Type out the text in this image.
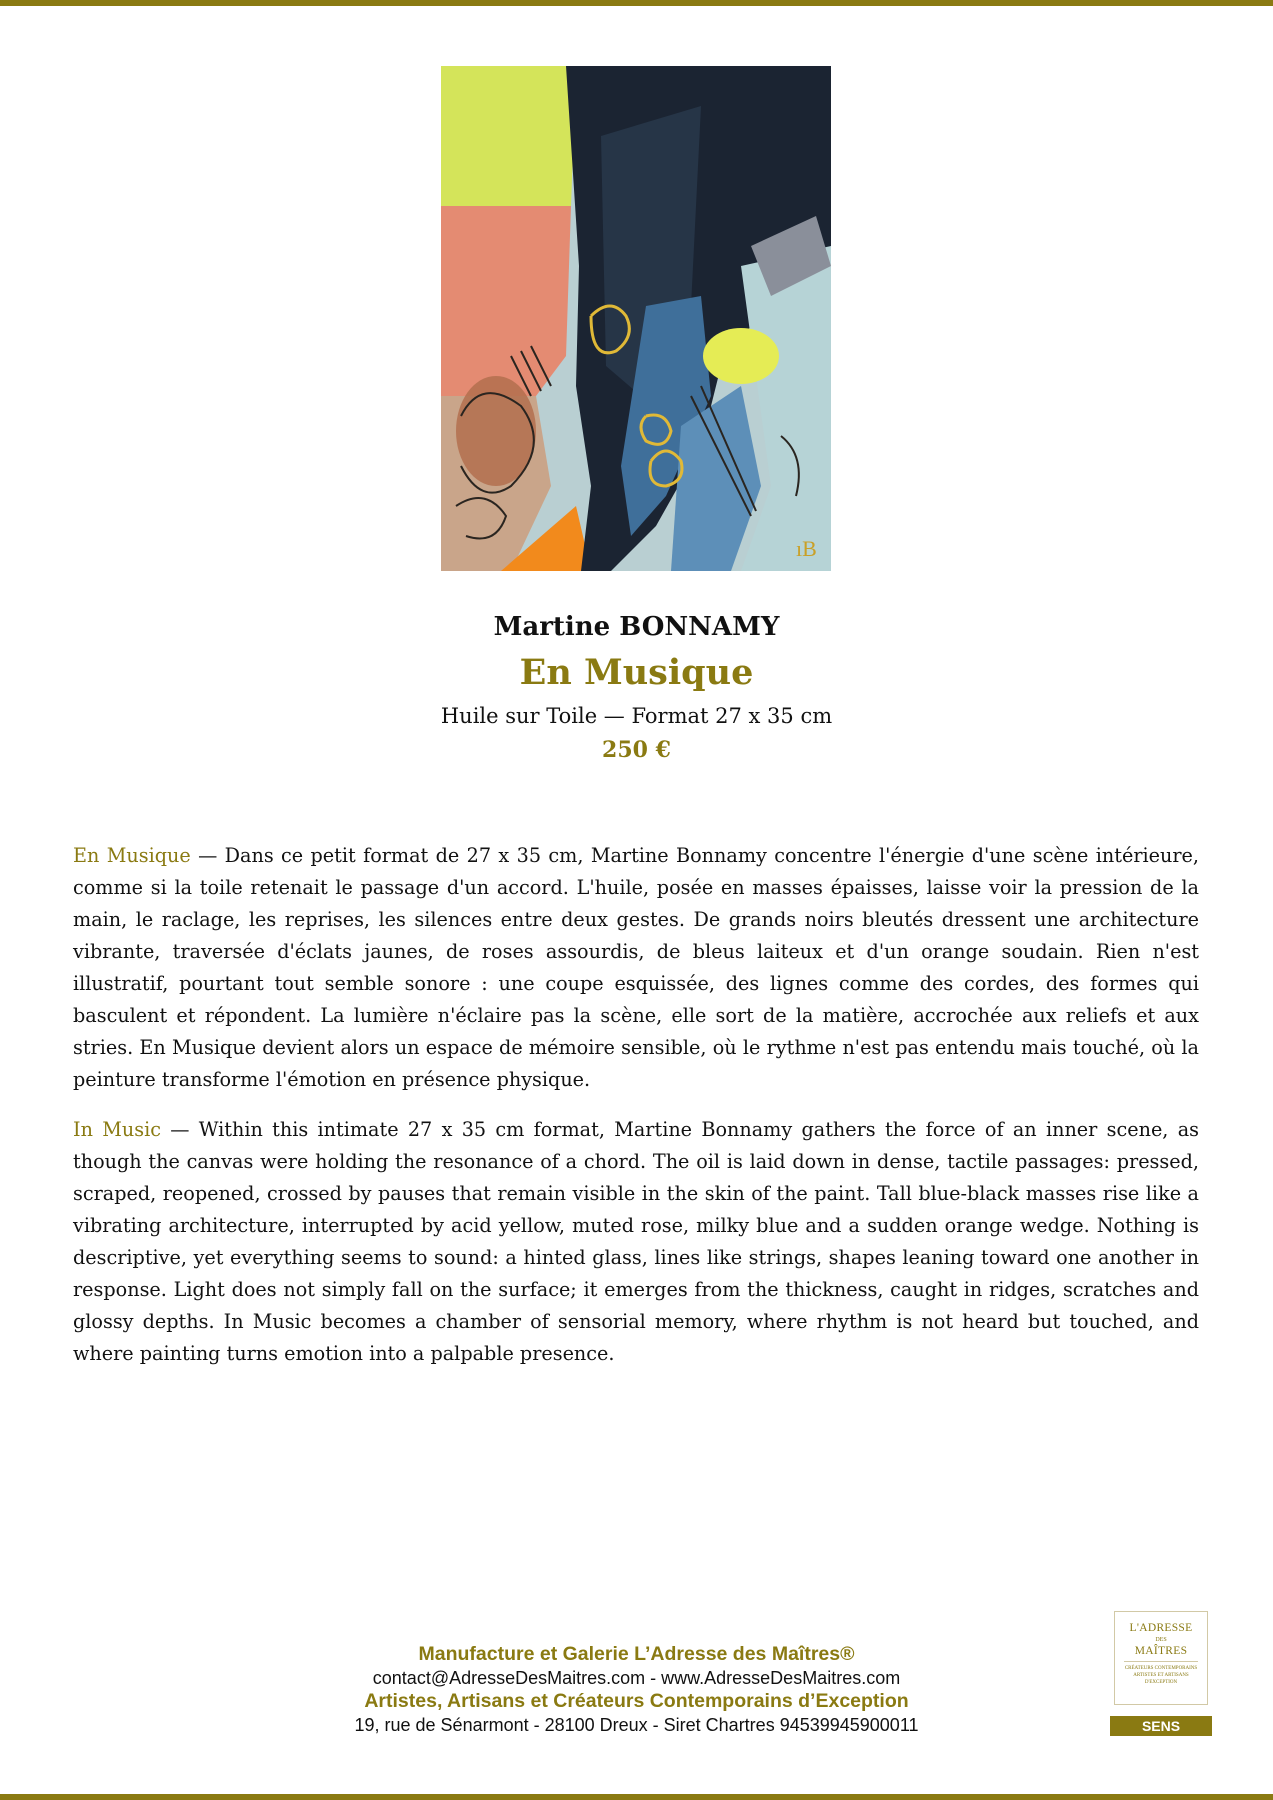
ıB
Martine BONNAMY
En Musique
Huile sur Toile — Format 27 x 35 cm
250 €

En Musique — Dans ce petit format de 27 x 35 cm, Martine Bonnamy concentre l'énergie d'une scène intérieure, comme si la toile retenait le passage d'un accord. L'huile, posée en masses épaisses, laisse voir la pression de la main, le raclage, les reprises, les silences entre deux gestes. De grands noirs bleutés dressent une architecture vibrante, traversée d'éclats jaunes, de roses assourdis, de bleus laiteux et d'un orange soudain. Rien n'est illustratif, pourtant tout semble sonore : une coupe esquissée, des lignes comme des cordes, des formes qui basculent et répondent. La lumière n'éclaire pas la scène, elle sort de la matière, accrochée aux reliefs et aux stries. En Musique devient alors un espace de mémoire sensible, où le rythme n'est pas entendu mais touché, où la peinture transforme l'émotion en présence physique.

In Music — Within this intimate 27 x 35 cm format, Martine Bonnamy gathers the force of an inner scene, as though the canvas were holding the resonance of a chord. The oil is laid down in dense, tactile passages: pressed, scraped, reopened, crossed by pauses that remain visible in the skin of the paint. Tall blue-black masses rise like a vibrating architecture, interrupted by acid yellow, muted rose, milky blue and a sudden orange wedge. Nothing is descriptive, yet everything seems to sound: a hinted glass, lines like strings, shapes leaning toward one another in response. Light does not simply fall on the surface; it emerges from the thickness, caught in ridges, scratches and glossy depths. In Music becomes a chamber of sensorial memory, where rhythm is not heard but touched, and where painting turns emotion into a palpable presence.

Manufacture et Galerie L’Adresse des Maîtres®
contact@AdresseDesMaitres.com - www.AdresseDesMaitres.com
Artistes, Artisans et Créateurs Contemporains d’Exception
19, rue de Sénarmont - 28100 Dreux - Siret Chartres 94539945900011
L'ADRESSE
DES
MAÎTRES
CRÉATEURS CONTEMPORAINS ARTISTES ET ARTISANS D'EXCEPTION
SENS
